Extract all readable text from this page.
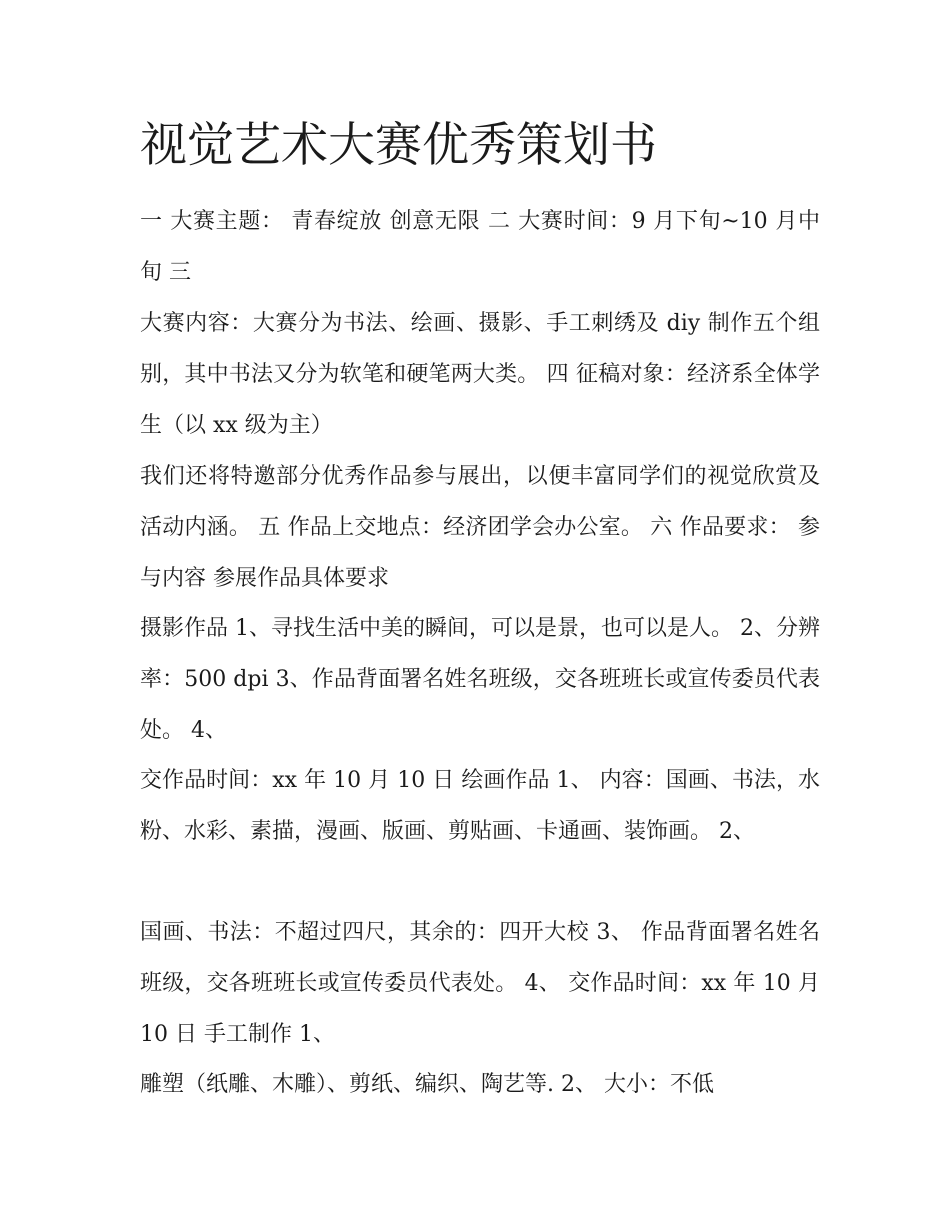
视觉艺术大赛优秀策划书

一 大赛主题： 青春绽放 创意无限 二 大赛时间：9 月下旬~10 月中旬 三

大赛内容：大赛分为书法、绘画、摄影、手工刺绣及 diy 制作五个组别，其中书法又分为软笔和硬笔两大类。 四 征稿对象：经济系全体学生（以 xx 级为主）

我们还将特邀部分优秀作品参与展出，以便丰富同学们的视觉欣赏及活动内涵。 五 作品上交地点：经济团学会办公室。 六 作品要求： 参与内容 参展作品具体要求

摄影作品 1、寻找生活中美的瞬间，可以是景，也可以是人。 2、分辨率：500 dpi 3、作品背面署名姓名班级，交各班班长或宣传委员代表处。 4、

交作品时间：xx 年 10 月 10 日 绘画作品 1、 内容：国画、书法，水粉、水彩、素描，漫画、版画、剪贴画、卡通画、装饰画。 2、

国画、书法：不超过四尺，其余的：四开大校 3、 作品背面署名姓名班级，交各班班长或宣传委员代表处。 4、 交作品时间：xx 年 10 月 10 日 手工制作 1、

雕塑（纸雕、木雕）、剪纸、编织、陶艺等. 2、 大小：不低
